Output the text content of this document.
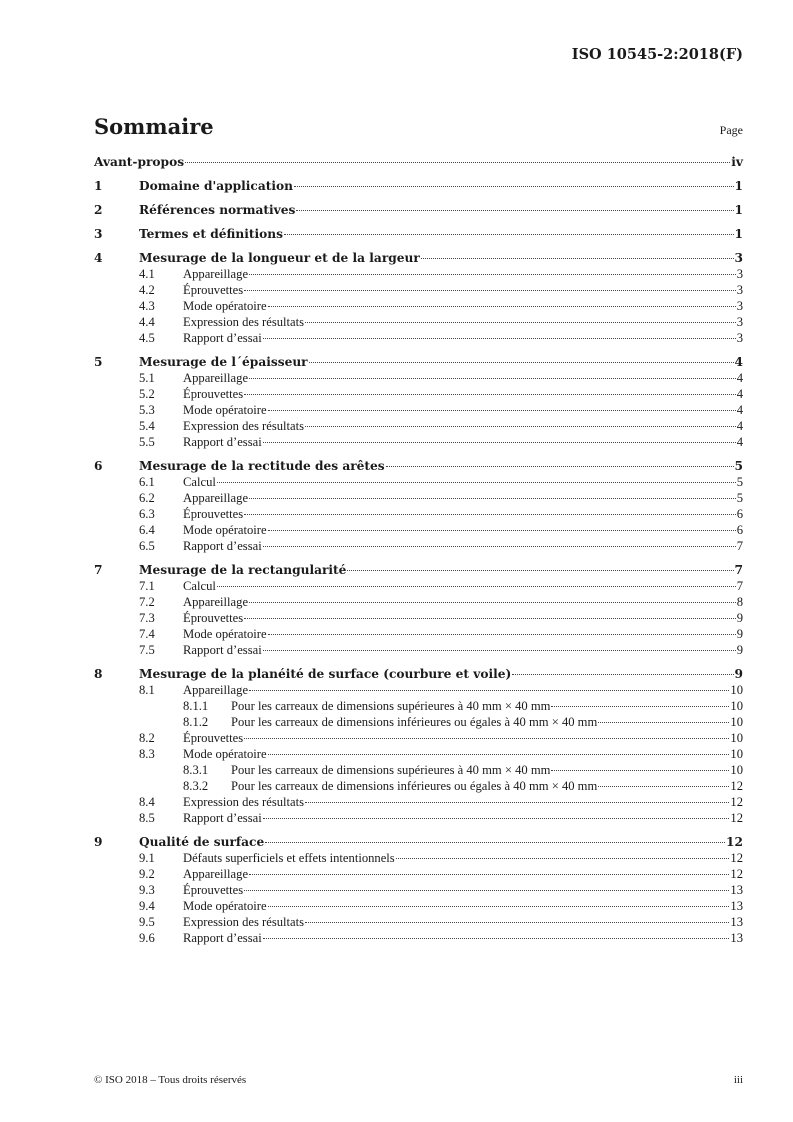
ISO 10545-2:2018(F)
Sommaire	Page
Avant-propos	iv
1	Domaine d'application	1
2	Références normatives	1
3	Termes et définitions	1
4	Mesurage de la longueur et de la largeur	3
4.1	Appareillage	3
4.2	Éprouvettes	3
4.3	Mode opératoire	3
4.4	Expression des résultats	3
4.5	Rapport d’essai	3
5	Mesurage de l´épaisseur	4
5.1	Appareillage	4
5.2	Éprouvettes	4
5.3	Mode opératoire	4
5.4	Expression des résultats	4
5.5	Rapport d’essai	4
6	Mesurage de la rectitude des arêtes	5
6.1	Calcul	5
6.2	Appareillage	5
6.3	Éprouvettes	6
6.4	Mode opératoire	6
6.5	Rapport d’essai	7
7	Mesurage de la rectangularité	7
7.1	Calcul	7
7.2	Appareillage	8
7.3	Éprouvettes	9
7.4	Mode opératoire	9
7.5	Rapport d’essai	9
8	Mesurage de la planéité de surface (courbure et voile)	9
8.1	Appareillage	10
8.1.1	Pour les carreaux de dimensions supérieures à 40 mm × 40 mm	10
8.1.2	Pour les carreaux de dimensions inférieures ou égales à 40 mm × 40 mm	10
8.2	Éprouvettes	10
8.3	Mode opératoire	10
8.3.1	Pour les carreaux de dimensions supérieures à 40 mm × 40 mm	10
8.3.2	Pour les carreaux de dimensions inférieures ou égales à 40 mm × 40 mm	12
8.4	Expression des résultats	12
8.5	Rapport d’essai	12
9	Qualité de surface	12
9.1	Défauts superficiels et effets intentionnels	12
9.2	Appareillage	12
9.3	Éprouvettes	13
9.4	Mode opératoire	13
9.5	Expression des résultats	13
9.6	Rapport d’essai	13
© ISO 2018 – Tous droits réservés	iii
